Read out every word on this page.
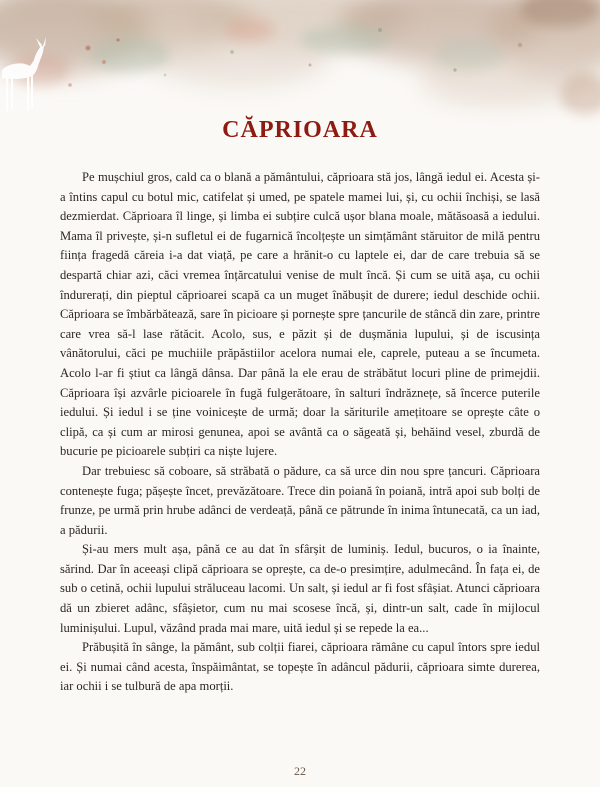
CĂPRIOARA

Pe mușchiul gros, cald ca o blană a pământului, căprioara stă jos, lângă iedul ei. Acesta și-a întins capul cu botul mic, catifelat și umed, pe spatele mamei lui, și, cu ochii închiși, se lasă dezmierdat. Căprioara îl linge, și limba ei subțire culcă ușor blana moale, mătăsoasă a iedului. Mama îl privește, și-n sufletul ei de fugarnică încolțește un simțământ stăruitor de milă pentru ființa fragedă căreia i-a dat viață, pe care a hrănit-o cu laptele ei, dar de care trebuia să se despartă chiar azi, căci vremea înțărcatului venise de mult încă. Și cum se uită așa, cu ochii îndurerați, din pieptul căprioarei scapă ca un muget înăbușit de durere; iedul deschide ochii. Căprioara se îmbărbătează, sare în picioare și pornește spre țancurile de stâncă din zare, printre care vrea să-l lase rătăcit. Acolo, sus, e păzit și de dușmănia lupului, și de iscusința vânătorului, căci pe muchiile prăpăstiilor acelora numai ele, caprele, puteau a se încumeta. Acolo l-ar fi știut ca lângă dânsa. Dar până la ele erau de străbătut locuri pline de primejdii. Căprioara își azvârle picioarele în fugă fulgerătoare, în salturi îndrăznețe, să încerce puterile iedului. Și iedul i se ține voinicește de urmă; doar la săriturile amețitoare se oprește câte o clipă, ca și cum ar mirosi genunea, apoi se avântă ca o săgeată și, behăind vesel, zburdă de bucurie pe picioarele subțiri ca niște lujere.

Dar trebuiesc să coboare, să străbată o pădure, ca să urce din nou spre țancuri. Căprioara contenește fuga; pășește încet, prevăzătoare. Trece din poiană în poiană, intră apoi sub bolți de frunze, pe urmă prin hrube adânci de verdeață, până ce pătrunde în inima întunecată, ca un iad, a pădurii.

Și-au mers mult așa, până ce au dat în sfârșit de luminiș. Iedul, bucuros, o ia înainte, sărind. Dar în aceeași clipă căprioara se oprește, ca de-o presimțire, adulmecând. În fața ei, de sub o cetină, ochii lupului străluceau lacomi. Un salt, și iedul ar fi fost sfâșiat. Atunci căprioara dă un zbieret adânc, sfâșietor, cum nu mai scosese încă, și, dintr-un salt, cade în mijlocul luminișului. Lupul, văzând prada mai mare, uită iedul și se repede la ea...

Prăbușită în sânge, la pământ, sub colții fiarei, căprioara rămâne cu capul întors spre iedul ei. Și numai când acesta, înspăimântat, se topește în adâncul pădurii, căprioara simte durerea, iar ochii i se tulbură de apa morții.

22
